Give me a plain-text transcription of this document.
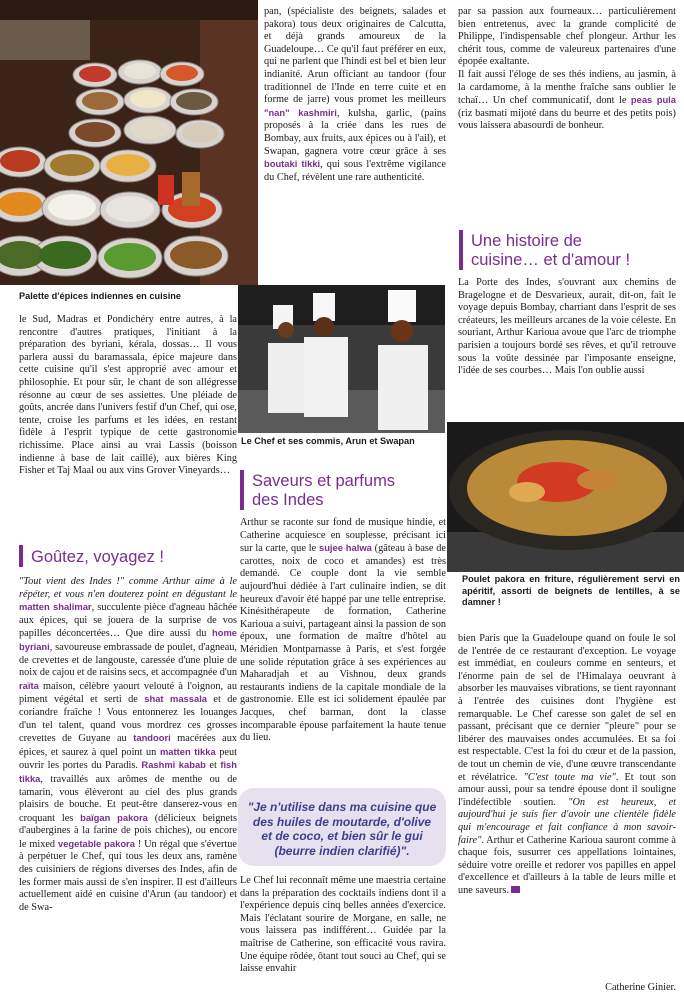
Palette d'épices indiennes en cuisine
Le Chef et ses commis, Arun et Swapan
Poulet pakora en friture, régulièrement servi en apéritif, assorti de beignets de lentilles, à se damner !

le Sud, Madras et Pondichéry entre autres, à la rencontre d'autres pratiques, l'initiant à la préparation des byriani, kérala, dossas… Il vous parlera aussi du baramassala, épice majeure dans cette cuisine qu'il s'est approprié avec amour et philosophie. Et pour sûr, le chant de son allégresse résonne au cœur de ses assiettes. Une pléiade de goûts, ancrée dans l'univers festif d'un Chef, qui ose, tente, croise les parfums et les idées, en restant fidèle à l'esprit typique de cette gastronomie richissime. Place ainsi au vrai Lassis (boisson indienne à base de lait caillé), aux bières King Fisher et Taj Maal ou aux vins Grover Vineyards…

Goûtez, voyagez !

"Tout vient des Indes !" comme Arthur aime à le répéter, et vous n'en douterez point en dégustant le matten shalimar, succulente pièce d'agneau hâchée aux épices, qui se jouera de la surprise de vos papilles déconcertées… Que dire aussi du home byriani, savoureuse embrassade de poulet, d'agneau, de crevettes et de langouste, caressée d'une pluie de noix de cajou et de raisins secs, et accompagnée d'un raïta maison, célèbre yaourt velouté à l'oignon, au piment végétal et serti de shat massala et de coriandre fraîche ! Vous entonnerez les louanges d'un tel talent, quand vous mordrez ces grosses crevettes de Guyane au tandoori macérées aux épices, et saurez à quel point un matten tikka peut ouvrir les portes du Paradis. Rashmi kabab et fish tikka, travaillés aux arômes de menthe ou de tamarin, vous élèveront au ciel des plus grands plaisirs de bouche. Et peut-être danserez-vous en croquant les baïgan pakora (délicieux beignets d'aubergines à la farine de pois chiches), ou encore le mixed vegetable pakora ! Un régal que s'évertue à perpétuer le Chef, qui tous les deux ans, ramène des cuisiniers de régions diverses des Indes, afin de les former mais aussi de s'en inspirer. Il est d'ailleurs actuellement aidé en cuisine d'Arun (au tandoor) et de Swa-

pan, (spécialiste des beignets, salades et pakora) tous deux originaires de Calcutta, et déjà grands amoureux de la Guadeloupe… Ce qu'il faut préférer en eux, qui ne parlent que l'hindi est bel et bien leur indianité. Arun officiant au tandoor (four traditionnel de l'Inde en terre cuite et en forme de jarre) vous promet les meilleurs "nan" kashmiri, kulsha, garlic, (pains proposés à la criée dans les rues de Bombay, aux fruits, aux épices ou à l'ail), et Swapan, gagnera votre cœur grâce à ses boutaki tikki, qui sous l'extrême vigilance du Chef, révèlent une rare authenticité.

Saveurs et parfums
des Indes

Arthur se raconte sur fond de musique hindie, et Catherine acquiesce en souplesse, précisant ici sur la carte, que le sujee halwa (gâteau à base de carottes, noix de coco et amandes) est très demandé. Ce couple dont la vie semble aujourd'hui dédiée à l'art culinaire indien, se dit heureux d'avoir été happé par une telle entreprise. Kinésithérapeute de formation, Catherine Karioua a suivi, partageant ainsi la passion de son époux, une formation de maître d'hôtel au Méridien Montparnasse à Paris, et s'est forgée une solide réputation grâce à ses expériences au Maharadjah et au Vishnou, deux grands restaurants indiens de la capitale mondiale de la gastronomie. Elle est ici solidement épaulée par Jacques, chef barman, dont la classe incomparable épouse parfaitement la haute tenue du lieu.

"Je n'utilise dans ma cuisine que des huiles de moutarde, d'olive et de coco, et bien sûr le gui (beurre indien clarifié)".

Le Chef lui reconnaît même une maestria certaine dans la préparation des cocktails indiens dont il a l'expérience depuis cinq belles années d'exercice. Mais l'éclatant sourire de Morgane, en salle, ne vous laissera pas indifférent… Guidée par la maîtrise de Catherine, son efficacité vous ravira. Une équipe rôdée, ôtant tout souci au Chef, qui se laisse envahir

par sa passion aux fourneaux… particulièrement bien entretenus, avec la grande complicité de Philippe, l'indispensable chef plongeur. Arthur les chérit tous, comme de valeureux partenaires d'une épopée exaltante.

Il fait aussi l'éloge de ses thés indiens, au jasmin, à la cardamome, à la menthe fraîche sans oublier le tchaï… Un chef communicatif, dont le peas pula (riz basmati mijoté dans du beurre et des petits pois) vous laissera abasourdi de bonheur.

Une histoire de
cuisine… et d'amour !

La Porte des Indes, s'ouvrant aux chemins de Bragelogne et de Desvarieux, aurait, dit-on, fait le voyage depuis Bombay, charriant dans l'esprit de ses créateurs, les meilleurs arcanes de la voie céleste. En souriant, Arthur Karioua avoue que l'arc de triomphe parisien a toujours bordé ses rêves, et qu'il retrouve sous la voûte dessinée par l'imposante enseigne, l'idée de ses courbes… Mais l'on oublie aussi

bien Paris que la Guadeloupe quand on foule le sol de l'entrée de ce restaurant d'exception. Le voyage est immédiat, en couleurs comme en senteurs, et l'énorme pain de sel de l'Himalaya oeuvrant à absorber les mauvaises vibrations, se tient rayonnant à l'entrée des cuisines dont l'hygiène est remarquable. Le Chef caresse son galet de sel en passant, précisant que ce dernier "pleure" pour se libérer des mauvaises ondes accumulées. Et sa foi est respectable. C'est la foi du cœur et de la passion, de tout un chemin de vie, d'une œuvre transcendante et révélatrice. "C'est toute ma vie". Et tout son amour aussi, pour sa tendre épouse dont il souligne l'indéfectible soutien. "On est heureux, et aujourd'hui je suis fier d'avoir une clientèle fidèle qui m'encourage et fait confiance à mon savoir-faire". Arthur et Catherine Karioua sauront comme à chaque fois, susurrer ces appellations lointaines, séduire votre oreille et redorer vos papilles en appel d'excellence et d'ailleurs à la table de leurs mille et une saveurs.

Catherine Ginier.
